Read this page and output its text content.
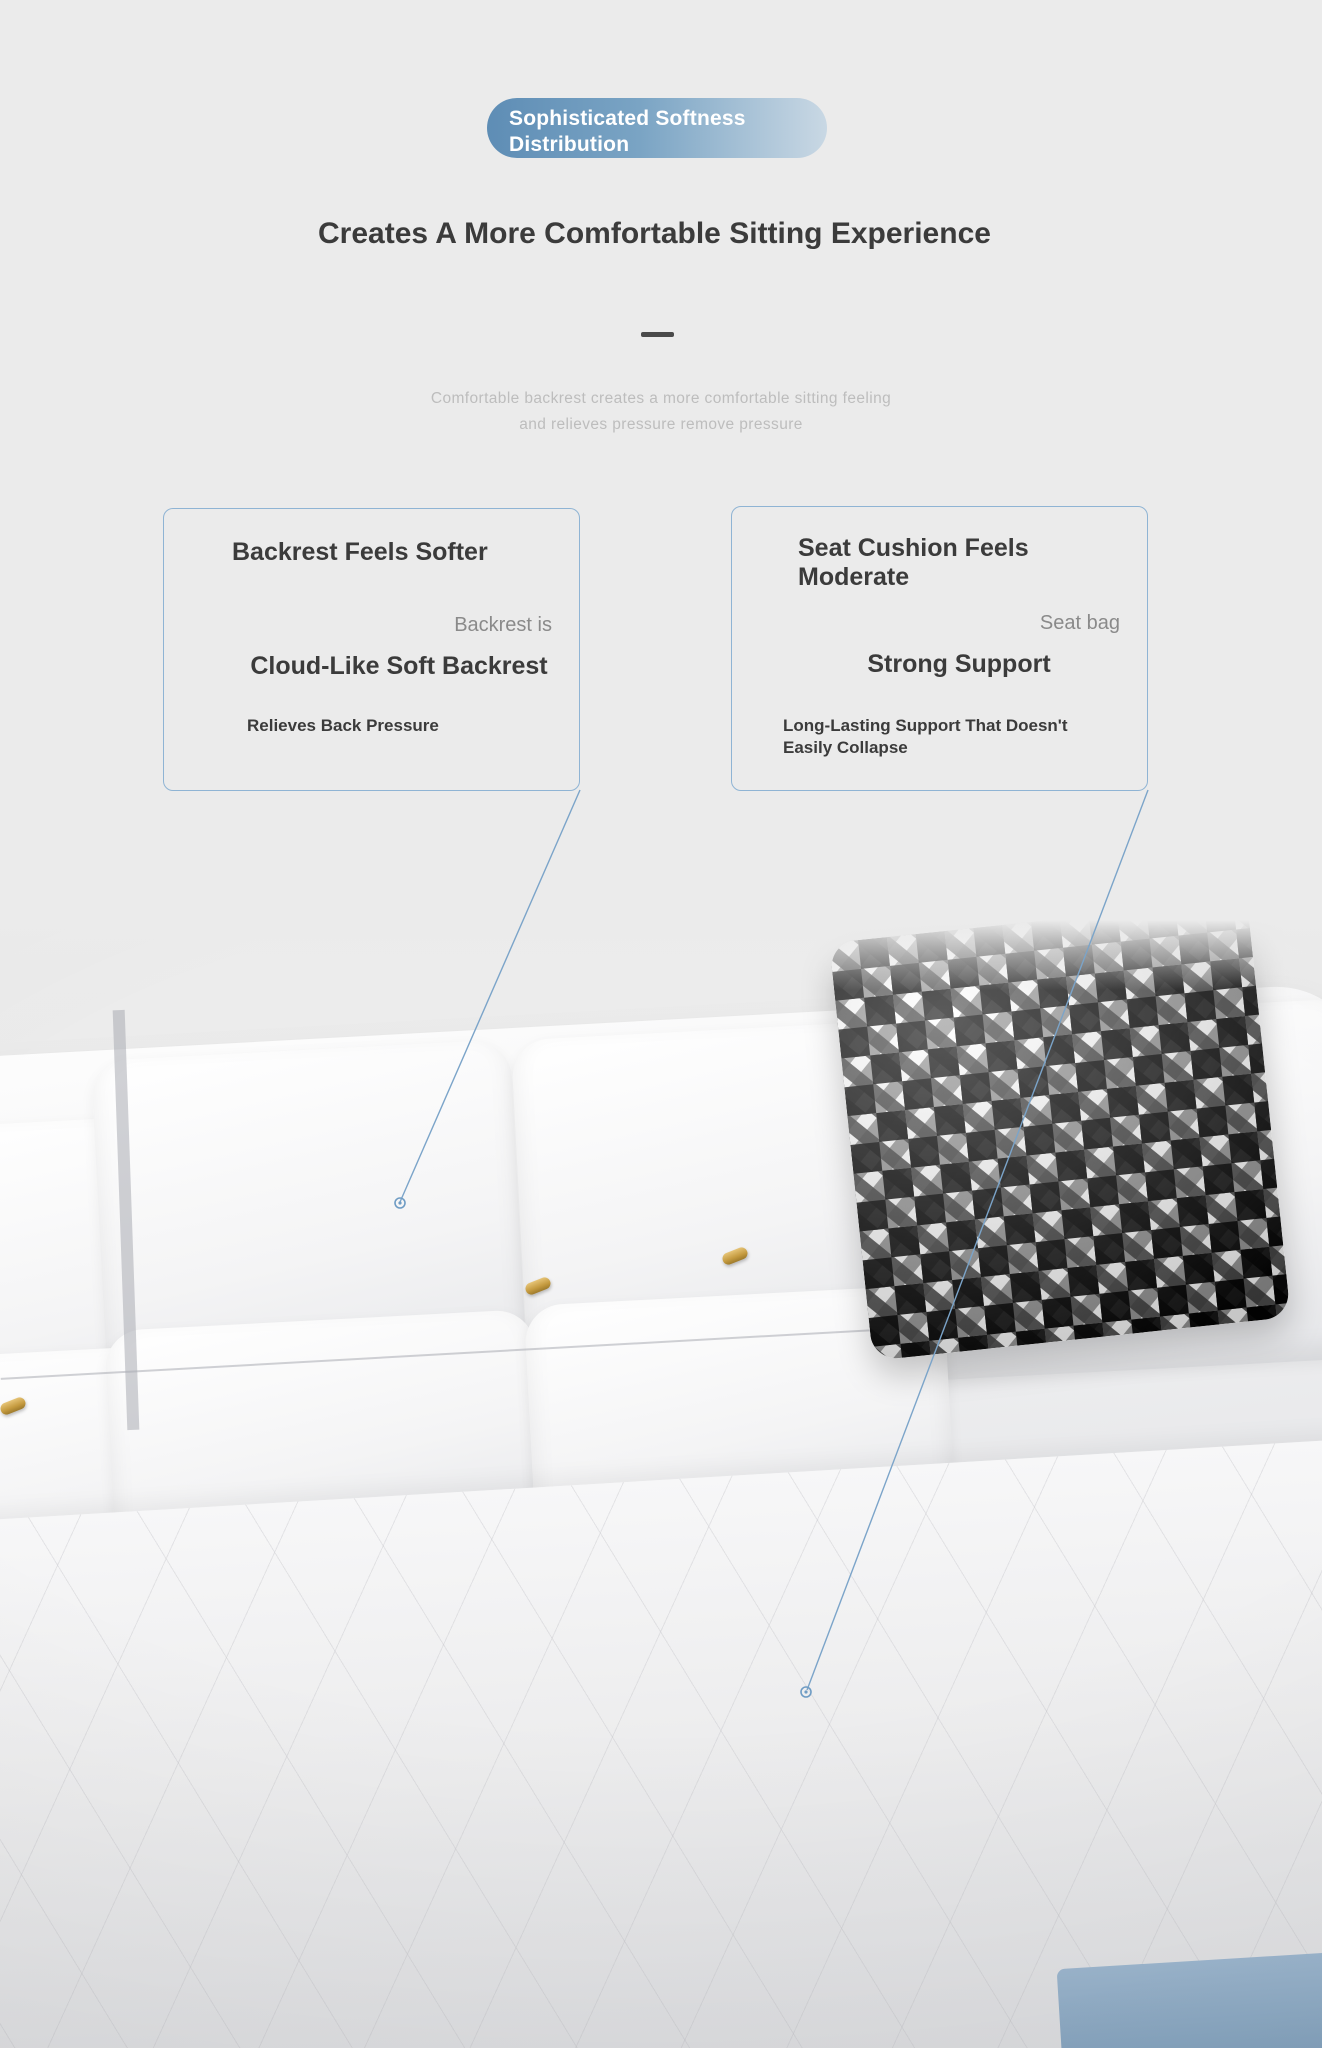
Sophisticated Softness Distribution
Creates A More Comfortable Sitting Experience
Comfortable backrest creates a more comfortable sitting feeling
and relieves pressure remove pressure
Backrest Feels Softer
Backrest is
Cloud-Like Soft Backrest
Relieves Back Pressure
Seat Cushion Feels Moderate
Seat bag
Strong Support
Long-Lasting Support That Doesn't Easily Collapse
